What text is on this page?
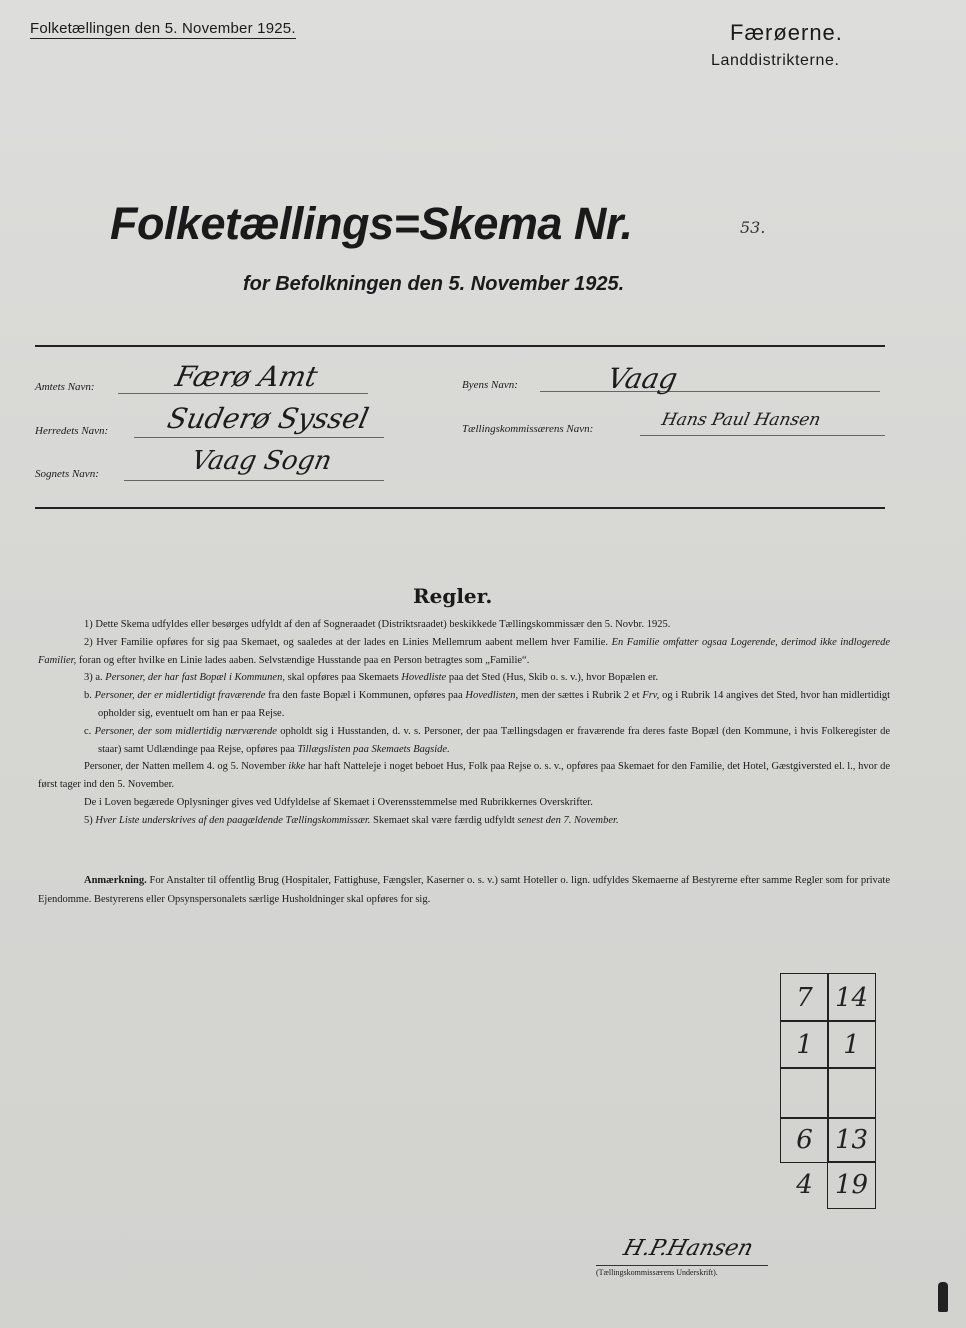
Folketællingen den 5. November 1925.	Færøerne.
Landdistrikterne.
Folketællings=Skema Nr.	53.
for Befolkningen den 5. November 1925.
Amtets Navn:	Færø Amt
Herredets Navn: Suderø Syssel
Sognets Navn:	Vaag Sogn
Byens Navn:	Vaag
Tællingskommissærens Navn:	Hans Paul Hansen
Regler.

1) Dette Skema udfyldes eller besørges udfyldt af den af Sogneraadet (Distriktsraadet) beskikkede Tællingskommissær den 5. Novbr. 1925.

2) Hver Familie opføres for sig paa Skemaet, og saaledes at der lades en Linies Mellemrum aabent mellem hver Familie. En Familie omfatter ogsaa Logerende, derimod ikke indlogerede Familier, foran og efter hvilke en Linie lades aaben. Selvstændige Husstande paa en Person betragtes som „Familie“.

3) a. Personer, der har fast Bopæl i Kommunen, skal opføres paa Skemaets Hovedliste paa det Sted (Hus, Skib o. s. v.), hvor Bopælen er.

b. Personer, der er midlertidigt fraværende fra den faste Bopæl i Kommunen, opføres paa Hovedlisten, men der sættes i Rubrik 2 et Frv, og i Rubrik 14 angives det Sted, hvor han midlertidigt opholder sig, eventuelt om han er paa Rejse.

c. Personer, der som midlertidig nærværende opholdt sig i Husstanden, d. v. s. Personer, der paa Tællingsdagen er fraværende fra deres faste Bopæl (den Kommune, i hvis Folkeregister de staar) samt Udlændinge paa Rejse, opføres paa Tillægslisten paa Skemaets Bagside.

Personer, der Natten mellem 4. og 5. November ikke har haft Natteleje i noget beboet Hus, Folk paa Rejse o. s. v., opføres paa Skemaet for den Familie, det Hotel, Gæstgiversted el. l., hvor de først tager ind den 5. November.

De i Loven begærede Oplysninger gives ved Udfyldelse af Skemaet i Overensstemmelse med Rubrikkernes Overskrifter.

5) Hver Liste underskrives af den paagældende Tællingskommissær. Skemaet skal være færdig udfyldt senest den 7. November.

Anmærkning. For Anstalter til offentlig Brug (Hospitaler, Fattighuse, Fængsler, Kaserner o. s. v.) samt Hoteller o. lign. udfyldes Skemaerne af Bestyrerne efter samme Regler som for private Ejendomme. Bestyrerens eller Opsynspersonalets særlige Husholdninger skal opføres for sig.
7 14
1	1
6 13
4 19
H.P.Hansen
(Tællingskommissærens Underskrift).
